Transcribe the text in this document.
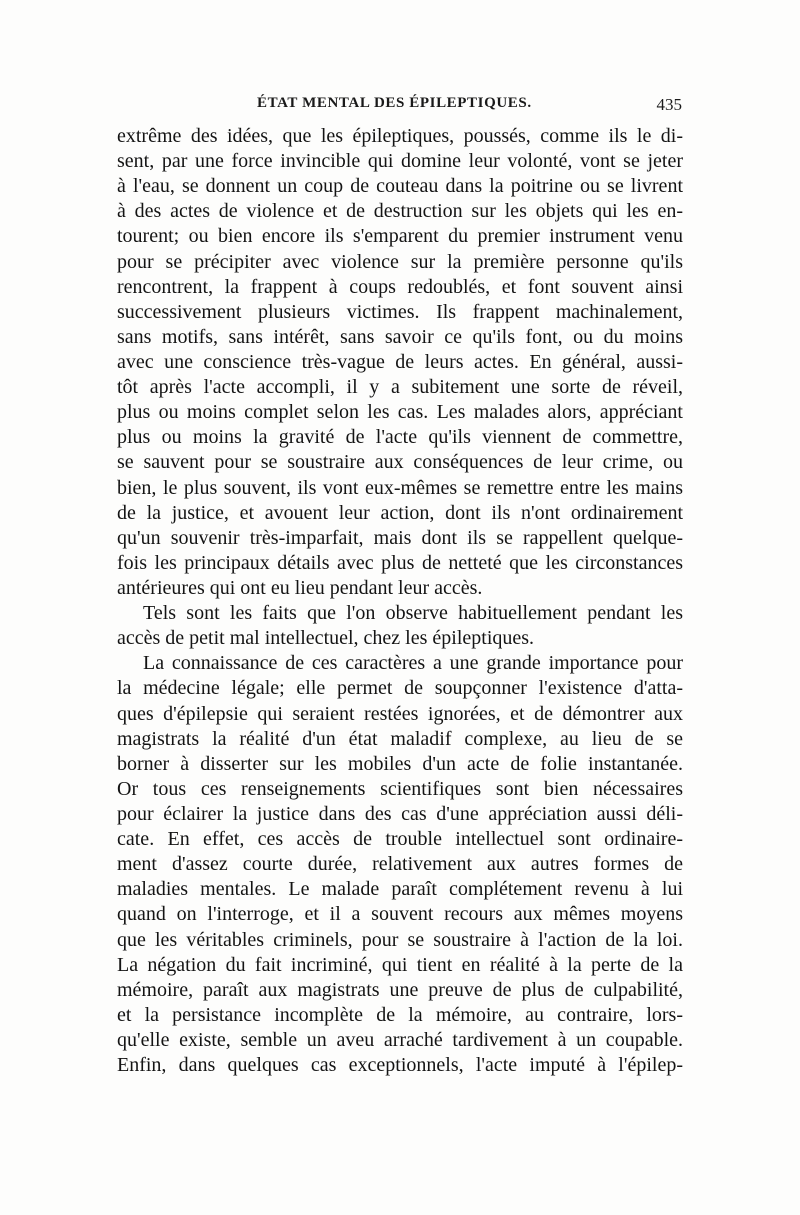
ÉTAT MENTAL DES ÉPILEPTIQUES.	435
extrême des idées, que les épileptiques, poussés, comme ils le di-
sent, par une force invincible qui domine leur volonté, vont se jeter
à l'eau, se donnent un coup de couteau dans la poitrine ou se livrent
à des actes de violence et de destruction sur les objets qui les en-
tourent; ou bien encore ils s'emparent du premier instrument venu
pour se précipiter avec violence sur la première personne qu'ils
rencontrent, la frappent à coups redoublés, et font souvent ainsi
successivement plusieurs victimes. Ils frappent machinalement,
sans motifs, sans intérêt, sans savoir ce qu'ils font, ou du moins
avec une conscience très-vague de leurs actes. En général, aussi-
tôt après l'acte accompli, il y a subitement une sorte de réveil,
plus ou moins complet selon les cas. Les malades alors, appréciant
plus ou moins la gravité de l'acte qu'ils viennent de commettre,
se sauvent pour se soustraire aux conséquences de leur crime, ou
bien, le plus souvent, ils vont eux-mêmes se remettre entre les mains
de la justice, et avouent leur action, dont ils n'ont ordinairement
qu'un souvenir très-imparfait, mais dont ils se rappellent quelque-
fois les principaux détails avec plus de netteté que les circonstances
antérieures qui ont eu lieu pendant leur accès.
Tels sont les faits que l'on observe habituellement pendant les
accès de petit mal intellectuel, chez les épileptiques.
La connaissance de ces caractères a une grande importance pour
la médecine légale; elle permet de soupçonner l'existence d'atta-
ques d'épilepsie qui seraient restées ignorées, et de démontrer aux
magistrats la réalité d'un état maladif complexe, au lieu de se
borner à disserter sur les mobiles d'un acte de folie instantanée.
Or tous ces renseignements scientifiques sont bien nécessaires
pour éclairer la justice dans des cas d'une appréciation aussi déli-
cate. En effet, ces accès de trouble intellectuel sont ordinaire-
ment d'assez courte durée, relativement aux autres formes de
maladies mentales. Le malade paraît complétement revenu à lui
quand on l'interroge, et il a souvent recours aux mêmes moyens
que les véritables criminels, pour se soustraire à l'action de la loi.
La négation du fait incriminé, qui tient en réalité à la perte de la
mémoire, paraît aux magistrats une preuve de plus de culpabilité,
et la persistance incomplète de la mémoire, au contraire, lors-
qu'elle existe, semble un aveu arraché tardivement à un coupable.
Enfin, dans quelques cas exceptionnels, l'acte imputé à l'épilep-
